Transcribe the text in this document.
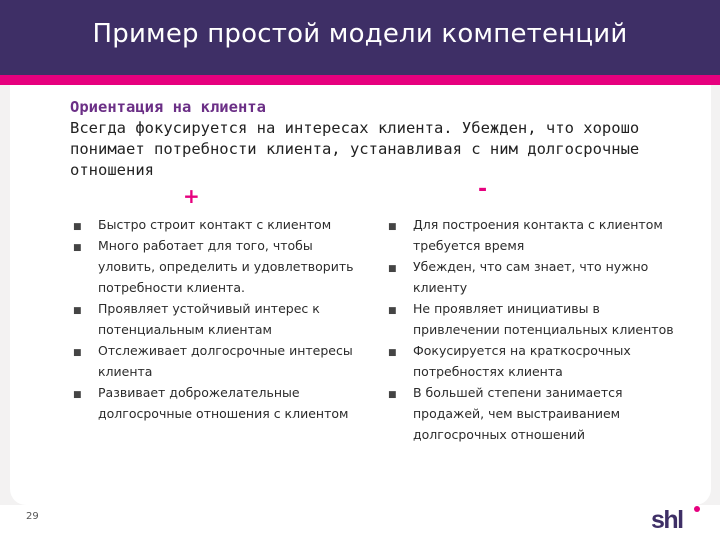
Пример простой модели компетенций
Ориентация на клиента
Всегда фокусируется на интересах клиента. Убежден, что хорошо понимает потребности клиента, устанавливая с ним долгосрочные отношения
+	-
■ Быстро строит контакт с клиентом
■ Много работает для того, чтобы уловить, определить и удовлетворить потребности клиента.
■ Проявляет устойчивый интерес к потенциальным клиентам
■ Отслеживает долгосрочные интересы клиента
■ Развивает доброжелательные долгосрочные отношения с клиентом
■ Для построения контакта с клиентом требуется время
■ Убежден, что сам знает, что нужно клиенту
■ Не проявляет инициативы в привлечении потенциальных клиентов
■ Фокусируется на краткосрочных потребностях клиента
■ В большей степени занимается продажей, чем выстраиванием долгосрочных отношений
29	shl
